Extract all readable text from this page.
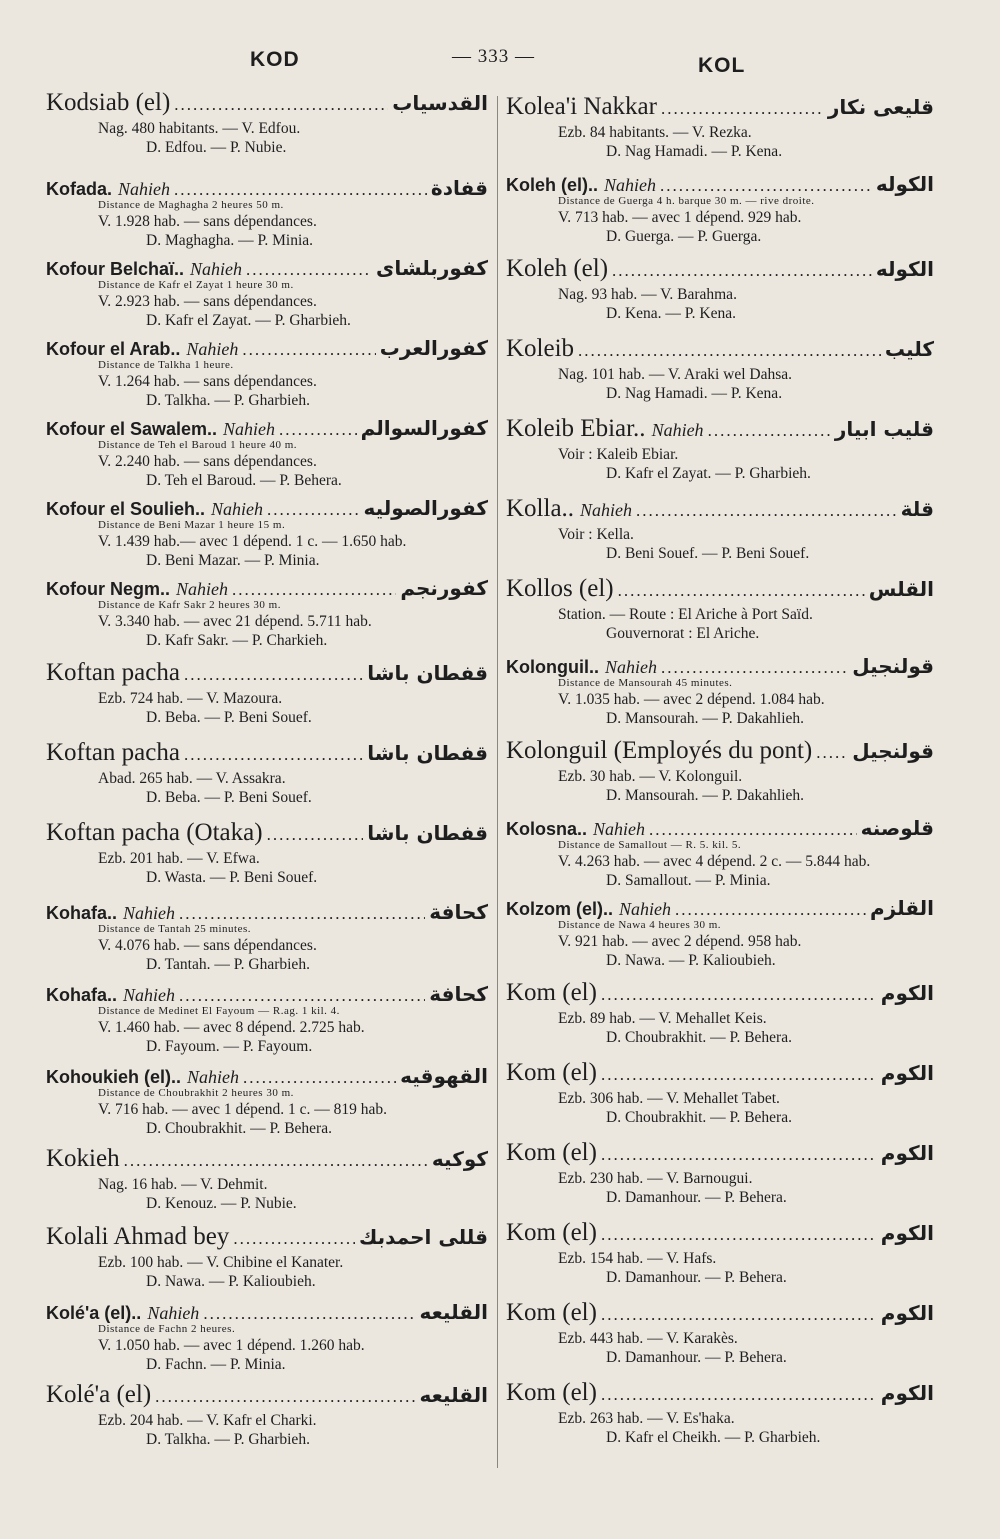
KOD	— 333 —	KOL
Kodsiab (el) .....	القدسياب
Nag. 480 habitants. — V. Edfou.
D. Edfou. — P. Nubie.
Kofada. Nahieh .....	قفادة
Distance de Maghagha 2 heures 50 m.
V. 1.928 hab. — sans dépendances.
D. Maghagha. — P. Minia.
Kofour Belchaï.. Nahieh .....	كفوربلشاى
Distance de Kafr el Zayat 1 heure 30 m.
V. 2.923 hab. — sans dépendances.
D. Kafr el Zayat. — P. Gharbieh.
Kofour el Arab.. Nahieh .....	كفورالعرب
Distance de Talkha 1 heure.
V. 1.264 hab. — sans dépendances.
D. Talkha. — P. Gharbieh.
Kofour el Sawalem.. Nahieh .....	كفورالسوالم
Distance de Teh el Baroud 1 heure 40 m.
V. 2.240 hab. — sans dépendances.
D. Teh el Baroud. — P. Behera.
Kofour el Soulieh.. Nahieh .....	كفورالصوليه
Distance de Beni Mazar 1 heure 15 m.
V. 1.439 hab.— avec 1 dépend. 1 c. — 1.650 hab.
D. Beni Mazar. — P. Minia.
Kofour Negm.. Nahieh .....	كفورنجم
Distance de Kafr Sakr 2 heures 30 m.
V. 3.340 hab. — avec 21 dépend. 5.711 hab.
D. Kafr Sakr. — P. Charkieh.
Koftan pacha .....	قفطان باشا
Ezb. 724 hab. — V. Mazoura.
D. Beba. — P. Beni Souef.
Koftan pacha .....	قفطان باشا
Abad. 265 hab. — V. Assakra.
D. Beba. — P. Beni Souef.
Koftan pacha (Otaka) .....	قفطان باشا
Ezb. 201 hab. — V. Efwa.
D. Wasta. — P. Beni Souef.
Kohafa.. Nahieh .....	كحافة
Distance de Tantah 25 minutes.
V. 4.076 hab. — sans dépendances.
D. Tantah. — P. Gharbieh.
Kohafa.. Nahieh .....	كحافة
Distance de Medinet El Fayoum — R.ag. 1 kil. 4.
V. 1.460 hab. — avec 8 dépend. 2.725 hab.
D. Fayoum. — P. Fayoum.
Kohoukieh (el).. Nahieh .....	القهوقيه
Distance de Choubrakhit 2 heures 30 m.
V. 716 hab. — avec 1 dépend. 1 c. — 819 hab.
D. Choubrakhit. — P. Behera.
Kokieh .....	كوكيه
Nag. 16 hab. — V. Dehmit.
D. Kenouz. — P. Nubie.
Kolali Ahmad bey .....	قللى احمدبك
Ezb. 100 hab. — V. Chibine el Kanater.
D. Nawa. — P. Kalioubieh.
Kolé'a (el).. Nahieh .....	القليعه
Distance de Fachn 2 heures.
V. 1.050 hab. — avec 1 dépend. 1.260 hab.
D. Fachn. — P. Minia.
Kolé'a (el) .....	القليعه
Ezb. 204 hab. — V. Kafr el Charki.
D. Talkha. — P. Gharbieh.
Kolea'i Nakkar .....	قليعى نكار
Ezb. 84 habitants. — V. Rezka.
D. Nag Hamadi. — P. Kena.
Koleh (el).. Nahieh .....	الكوله
Distance de Guerga 4 h. barque 30 m. — rive droite.
V. 713 hab. — avec 1 dépend. 929 hab.
D. Guerga. — P. Guerga.
Koleh (el) .....	الكوله
Nag. 93 hab. — V. Barahma.
D. Kena. — P. Kena.
Koleib .....	كليب
Nag. 101 hab. — V. Araki wel Dahsa.
D. Nag Hamadi. — P. Kena.
Koleib Ebiar.. Nahieh .....	قليب ابيار
Voir : Kaleib Ebiar.
D. Kafr el Zayat. — P. Gharbieh.
Kolla.. Nahieh .....	قلة
Voir : Kella.
D. Beni Souef. — P. Beni Souef.
Kollos (el) .....	القلس
Station. — Route : El Ariche à Port Saïd.
Gouvernorat : El Ariche.
Kolonguil.. Nahieh .....	قولنجيل
Distance de Mansourah 45 minutes.
V. 1.035 hab. — avec 2 dépend. 1.084 hab.
D. Mansourah. — P. Dakahlieh.
Kolonguil (Employés du pont) ..... قولنجيل
Ezb. 30 hab. — V. Kolonguil.
D. Mansourah. — P. Dakahlieh.
Kolosna.. Nahieh .....	قلوصنه
Distance de Samallout — R. 5. kil. 5.
V. 4.263 hab. — avec 4 dépend. 2 c. — 5.844 hab.
D. Samallout. — P. Minia.
Kolzom (el).. Nahieh .....	القلزم
Distance de Nawa 4 heures 30 m.
V. 921 hab. — avec 2 dépend. 958 hab.
D. Nawa. — P. Kalioubieh.
Kom (el) .....	الكوم
Ezb. 89 hab. — V. Mehallet Keis.
D. Choubrakhit. — P. Behera.
Kom (el) .....	الكوم
Ezb. 306 hab. — V. Mehallet Tabet.
D. Choubrakhit. — P. Behera.
Kom (el) .....	الكوم
Ezb. 230 hab. — V. Barnougui.
D. Damanhour. — P. Behera.
Kom (el) .....	الكوم
Ezb. 154 hab. — V. Hafs.
D. Damanhour. — P. Behera.
Kom (el) .....	الكوم
Ezb. 443 hab. — V. Karakès.
D. Damanhour. — P. Behera.
Kom (el) .....	الكوم
Ezb. 263 hab. — V. Es'haka.
D. Kafr el Cheikh. — P. Gharbieh.
